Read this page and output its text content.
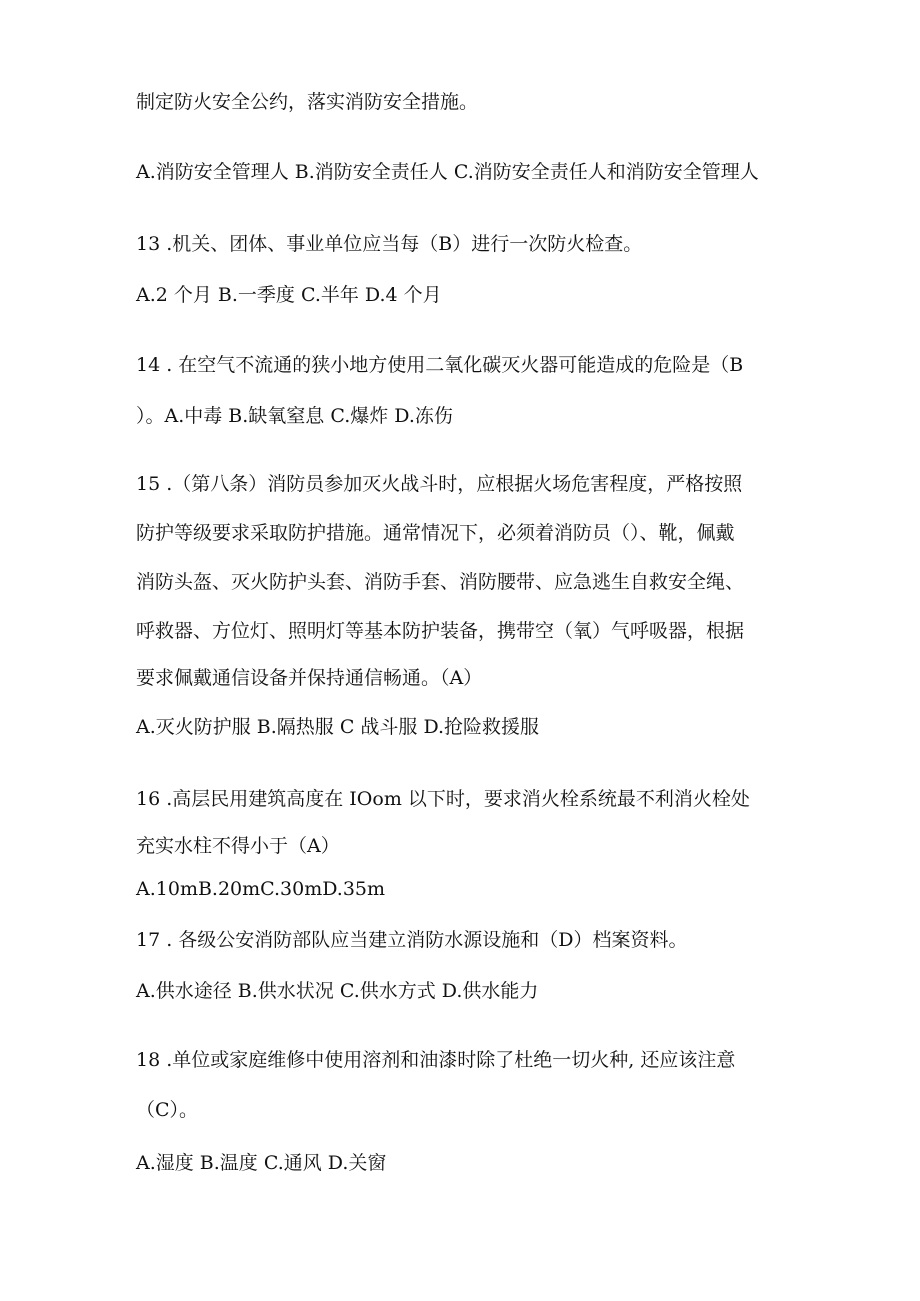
制定防火安全公约，落实消防安全措施。
A.消防安全管理人 B.消防安全责任人 C.消防安全责任人和消防安全管理人
13 .机关、团体、事业单位应当每（B）进行一次防火检查。
A.2 个月 B.一季度 C.半年 D.4 个月
14 . 在空气不流通的狭小地方使用二氧化碳灭火器可能造成的危险是（B
）。A.中毒 B.缺氧窒息 C.爆炸 D.冻伤
15 .（第八条）消防员参加灭火战斗时，应根据火场危害程度，严格按照
防护等级要求采取防护措施。通常情况下，必须着消防员（）、靴，佩戴
消防头盔、灭火防护头套、消防手套、消防腰带、应急逃生自救安全绳、
呼救器、方位灯、照明灯等基本防护装备，携带空（氧）气呼吸器，根据
要求佩戴通信设备并保持通信畅通。（A）
A.灭火防护服 B.隔热服 C 战斗服 D.抢险救援服
16 .高层民用建筑高度在 IOom 以下时，要求消火栓系统最不利消火栓处
充实水柱不得小于（A）
A.10mB.20mC.30mD.35m
17 . 各级公安消防部队应当建立消防水源设施和（D）档案资料。
A.供水途径 B.供水状况 C.供水方式 D.供水能力
18 .单位或家庭维修中使用溶剂和油漆时除了杜绝一切火种, 还应该注意
（C）。
A.湿度 B.温度 C.通风 D.关窗
